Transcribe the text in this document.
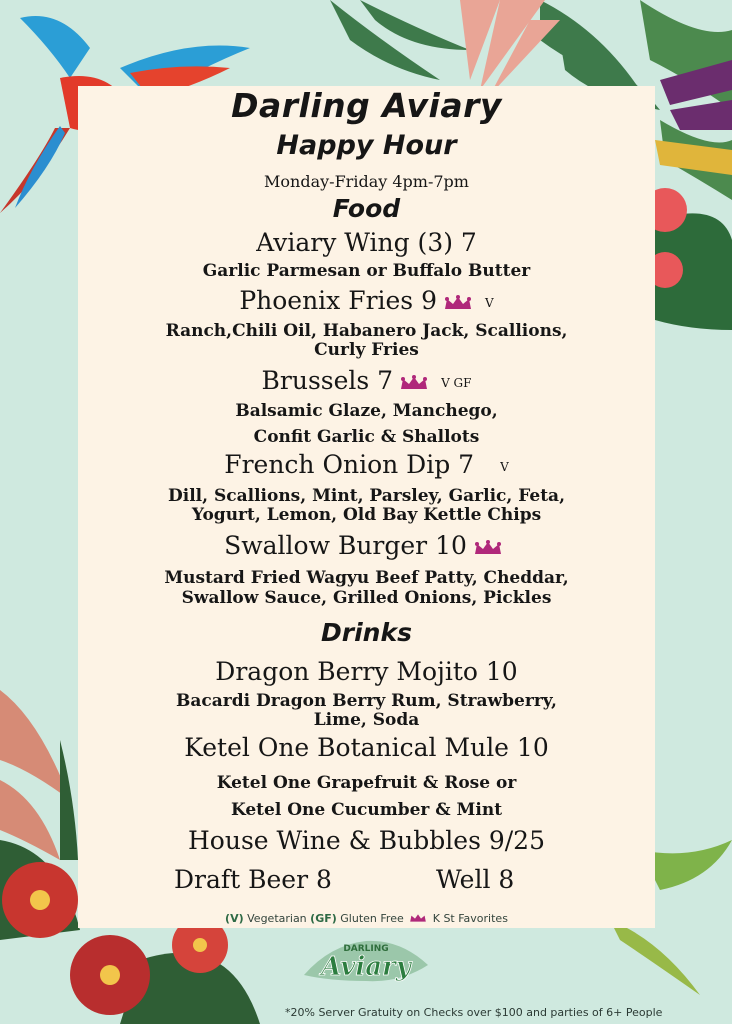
Darling Aviary
Happy Hour
Monday-Friday 4pm-7pm
Food
Aviary Wing (3) 7
Garlic Parmesan or Buffalo Butter
Phoenix Fries 9	V
Ranch,Chili Oil, Habanero Jack, Scallions,
Curly Fries
Brussels 7	V GF
Balsamic Glaze, Manchego,
Confit Garlic & Shallots
French Onion Dip 7 V
Dill, Scallions, Mint, Parsley, Garlic, Feta,
Yogurt, Lemon, Old Bay Kettle Chips
Swallow Burger 10
Mustard Fried Wagyu Beef Patty, Cheddar,
Swallow Sauce, Grilled Onions, Pickles
Drinks
Dragon Berry Mojito 10
Bacardi Dragon Berry Rum, Strawberry,
Lime, Soda
Ketel One Botanical Mule 10
Ketel One Grapefruit & Rose or
Ketel One Cucumber & Mint
House Wine & Bubbles 9/25
Draft Beer 8	Well 8
(V) Vegetarian (GF) Gluten Free	K St Favorites
DARLING
Aviary
*20% Server Gratuity on Checks over $100 and parties of 6+ People
